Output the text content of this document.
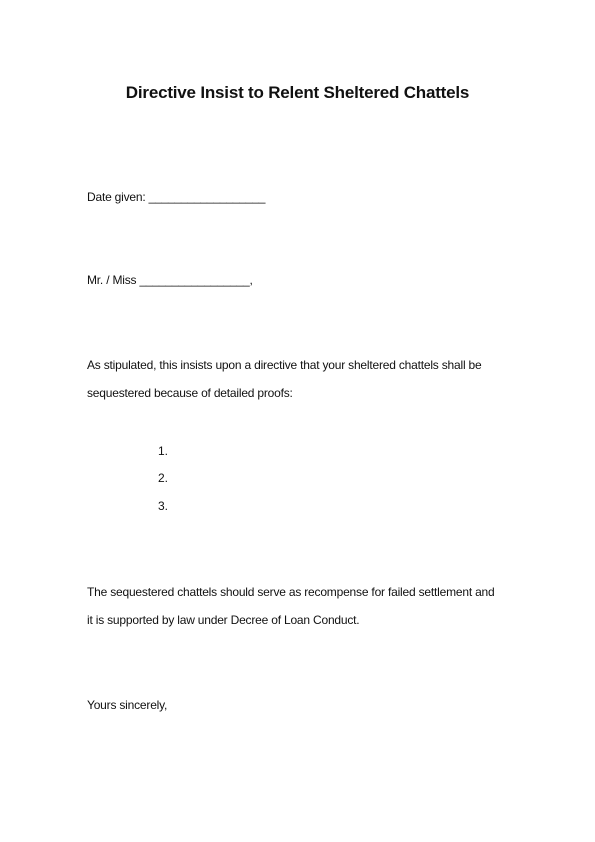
Directive Insist to Relent Sheltered Chattels
Date given: __________________
Mr. / Miss _________________,
As stipulated, this insists upon a directive that your sheltered chattels shall be
sequestered because of detailed proofs:
1.
2.
3.
The sequestered chattels should serve as recompense for failed settlement and
it is supported by law under Decree of Loan Conduct.
Yours sincerely,
